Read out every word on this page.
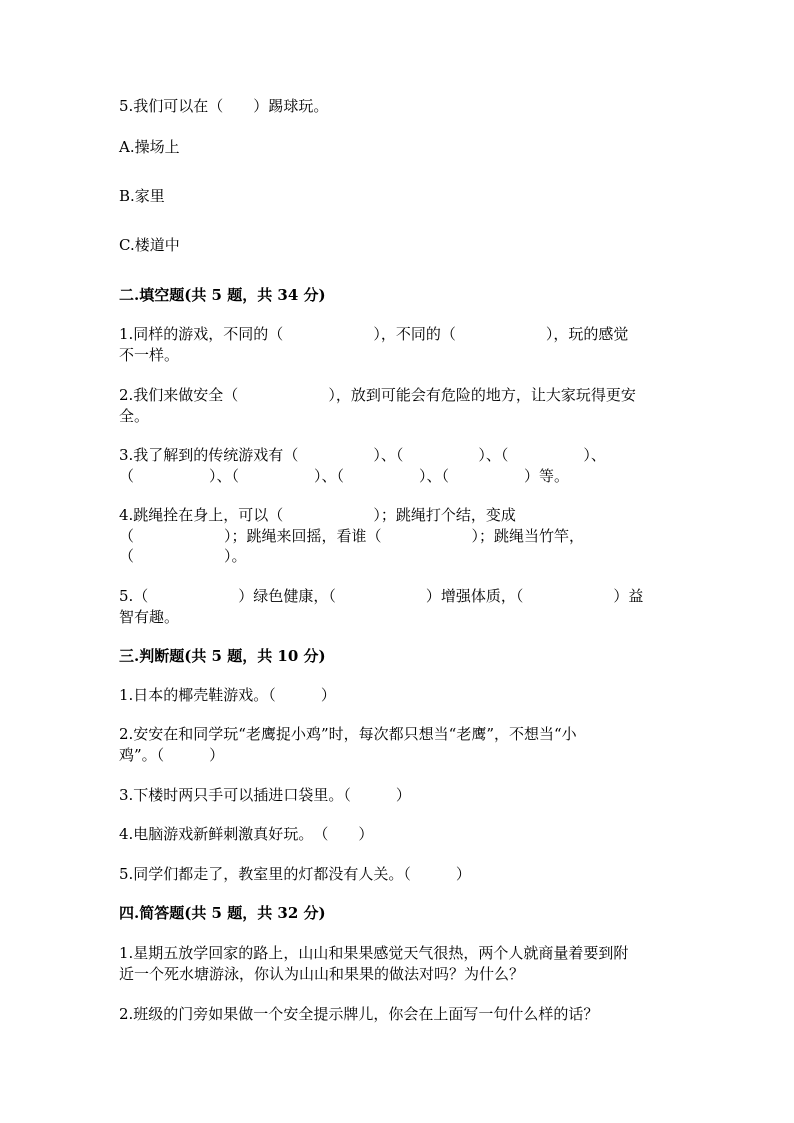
5.我们可以在（　　）踢球玩。
A.操场上
B.家里
C.楼道中
二.填空题(共 5 题，共 34 分)
1.同样的游戏，不同的（　　　　　　），不同的（　　　　　　），玩的感觉
不一样。
2.我们来做安全（　　　　　　），放到可能会有危险的地方，让大家玩得更安
全。
3.我了解到的传统游戏有（　　　　　）、（　　　　　）、（　　　　　）、
（　　　　　）、（　　　　　）、（　　　　　）、（　　　　　）等。
4.跳绳拴在身上，可以（　　　　　　）；跳绳打个结，变成
（　　　　　　）；跳绳来回摇，看谁（　　　　　　）；跳绳当竹竿，
（　　　　　　）。
5.（　　　　　　）绿色健康，（　　　　　　）增强体质，（　　　　　　）益
智有趣。
三.判断题(共 5 题，共 10 分)
1.日本的椰壳鞋游戏。（　　　）
2.安安在和同学玩“老鹰捉小鸡”时，每次都只想当“老鹰”，不想当“小
鸡”。（　　　）
3.下楼时两只手可以插进口袋里。（　　　）
4.电脑游戏新鲜刺激真好玩。　（　　）
5.同学们都走了，教室里的灯都没有人关。（　　　）
四.简答题(共 5 题，共 32 分)
1.星期五放学回家的路上，山山和果果感觉天气很热，两个人就商量着要到附
近一个死水塘游泳，你认为山山和果果的做法对吗？为什么？
2.班级的门旁如果做一个安全提示牌儿，你会在上面写一句什么样的话？
